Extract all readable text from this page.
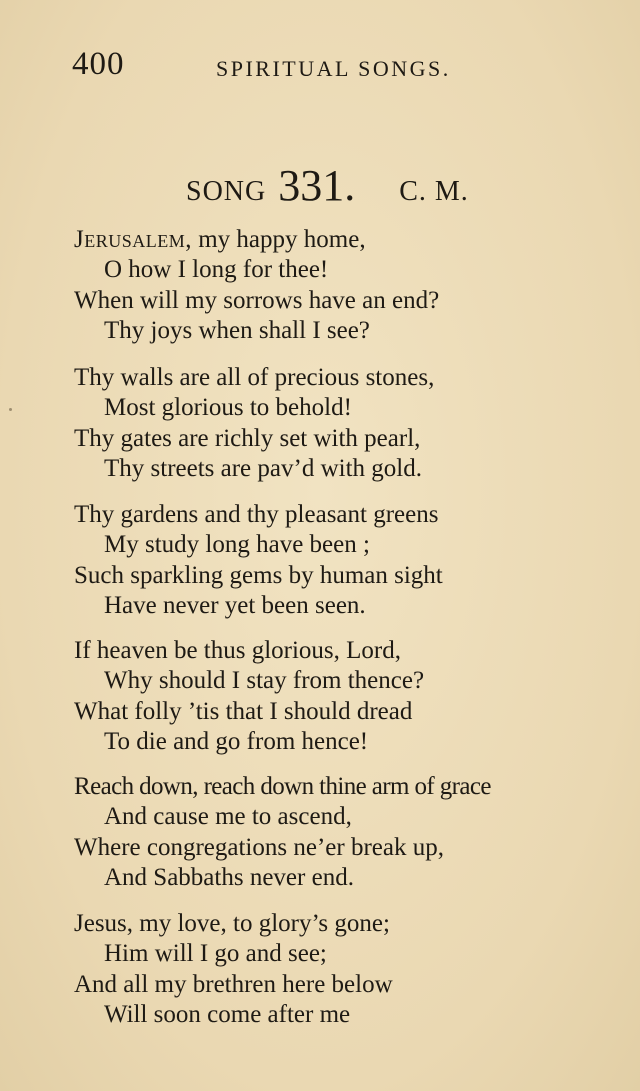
400	SPIRITUAL SONGS.
SONG 331. C. M.
Jerusalem, my happy home,
O how I long for thee!
When will my sorrows have an end?
Thy joys when shall I see?
Thy walls are all of precious stones,
Most glorious to behold!
Thy gates are richly set with pearl,
Thy streets are pav’d with gold.
Thy gardens and thy pleasant greens
My study long have been ;
Such sparkling gems by human sight
Have never yet been seen.
If heaven be thus glorious, Lord,
Why should I stay from thence?
What folly ’tis that I should dread
To die and go from hence!
Reach down, reach down thine arm of grace
And cause me to ascend,
Where congregations ne’er break up,
And Sabbaths never end.
Jesus, my love, to glory’s gone;
Him will I go and see;
And all my brethren here below
Will soon come after me
